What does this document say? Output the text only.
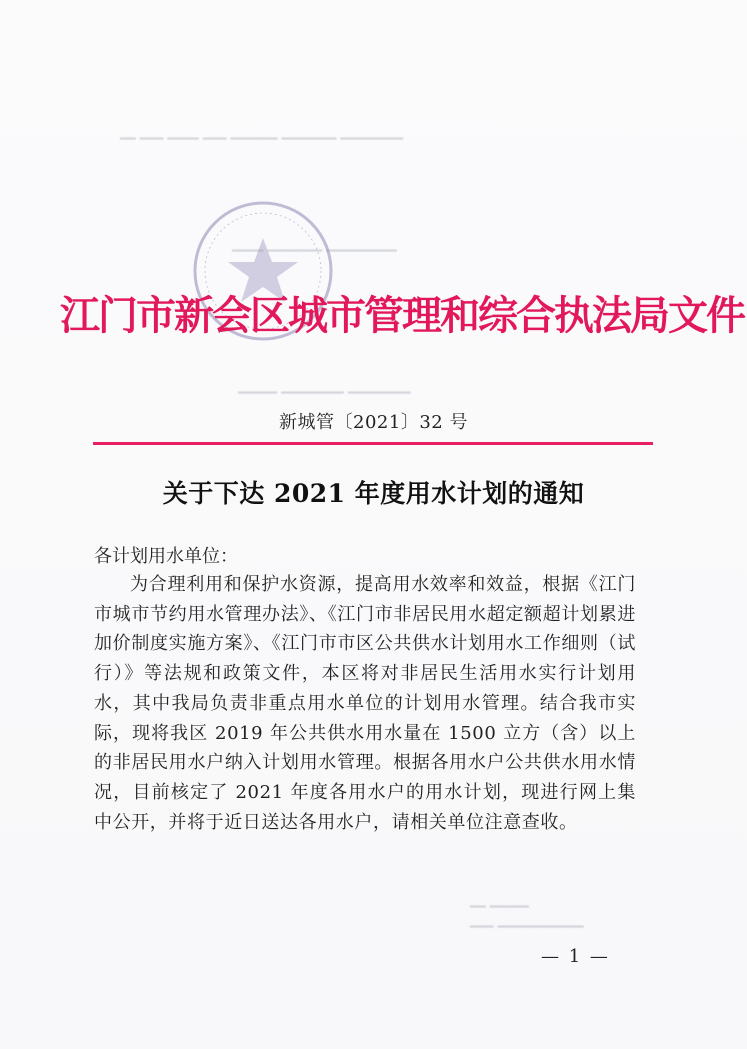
━━ ━━━ ━━━━ ━━━ ━━━━━━ ━━━━━━━ ━━━━━━━━
━━━━ ━━━━━━━ ━━━━━━━━━
━━━━━ ━━━━━━━━ ━━━━━━━━
━━ ━━━━━
━━━ ━━━━━━━━━━━
江门市新会区城市管理和综合执法局文件
新城管〔2021〕32 号
关于下达 2021 年度用水计划的通知
各计划用水单位：
为合理利用和保护水资源，提高用水效率和效益，根据《江门市城市节约用水管理办法》、《江门市非居民用水超定额超计划累进加价制度实施方案》、《江门市市区公共供水计划用水工作细则（试行）》等法规和政策文件，本区将对非居民生活用水实行计划用水，其中我局负责非重点用水单位的计划用水管理。结合我市实际，现将我区 2019 年公共供水用水量在 1500 立方（含）以上的非居民用水户纳入计划用水管理。根据各用水户公共供水用水情况，目前核定了 2021 年度各用水户的用水计划，现进行网上集中公开，并将于近日送达各用水户，请相关单位注意查收。
— 1 —
